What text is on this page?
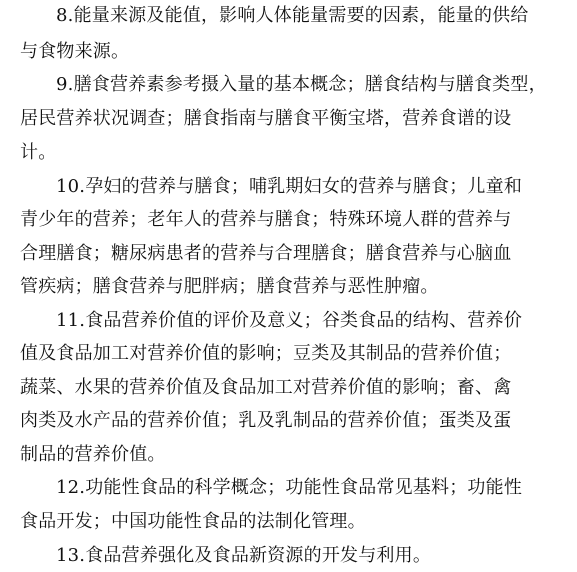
8.能量来源及能值，影响人体能量需要的因素，能量的供给
与食物来源。
9.膳食营养素参考摄入量的基本概念；膳食结构与膳食类型，
居民营养状况调查；膳食指南与膳食平衡宝塔，营养食谱的设
计。
10.孕妇的营养与膳食；哺乳期妇女的营养与膳食；儿童和
青少年的营养；老年人的营养与膳食；特殊环境人群的营养与
合理膳食；糖尿病患者的营养与合理膳食；膳食营养与心脑血
管疾病；膳食营养与肥胖病；膳食营养与恶性肿瘤。
11.食品营养价值的评价及意义；谷类食品的结构、营养价
值及食品加工对营养价值的影响；豆类及其制品的营养价值；
蔬菜、水果的营养价值及食品加工对营养价值的影响；畜、禽
肉类及水产品的营养价值；乳及乳制品的营养价值；蛋类及蛋
制品的营养价值。
12.功能性食品的科学概念；功能性食品常见基料；功能性
食品开发；中国功能性食品的法制化管理。
13.食品营养强化及食品新资源的开发与利用。
